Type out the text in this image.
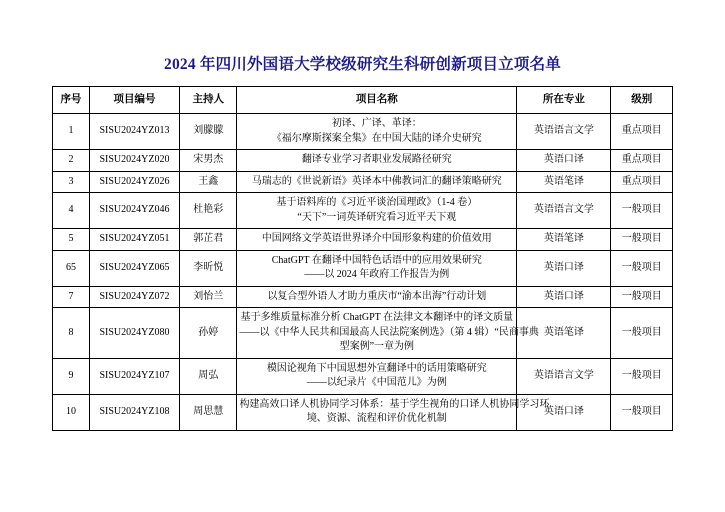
2024 年四川外国语大学校级研究生科研创新项目立项名单
序号	项目编号	主持人	项目名称	所在专业	级别
1	SISU2024YZ013	刘朦朦	初译、广译、革译：
《福尔摩斯探案全集》在中国大陆的译介史研究	英语语言文学	重点项目
2	SISU2024YZ020	宋男杰	翻译专业学习者职业发展路径研究	英语口译	重点项目
3	SISU2024YZ026	王鑫	马瑞志的《世说新语》英译本中佛教词汇的翻译策略研究	英语笔译	重点项目
4	SISU2024YZ046	杜艳彩	基于语料库的《习近平谈治国理政》（1-4 卷）
“天下”一词英译研究看习近平天下观	英语语言文学	一般项目
5	SISU2024YZ051	郭芷君	中国网络文学英语世界译介中国形象构建的价值效用	英语笔译	一般项目
65	SISU2024YZ065	李昕悦	ChatGPT 在翻译中国特色话语中的应用效果研究
——以 2024 年政府工作报告为例	英语口译	一般项目
7	SISU2024YZ072	刘怡兰	以复合型外语人才助力重庆市“渝本出海”行动计划	英语口译	一般项目
8	SISU2024YZ080	孙婷	基于多维质量标准分析 ChatGPT 在法律文本翻译中的译文质量
——以《中华人民共和国最高人民法院案例选》（第 4 辑）“民商事典
型案例”一章为例	英语笔译	一般项目
9	SISU2024YZ107	周弘	模因论视角下中国思想外宣翻译中的话用策略研究
——以纪录片《中国范儿》为例	英语语言文学	一般项目
10	SISU2024YZ108	周思慧	构建高效口译人机协同学习体系：基于学生视角的口译人机协同学习环
境、资源、流程和评价优化机制	英语口译	一般项目
